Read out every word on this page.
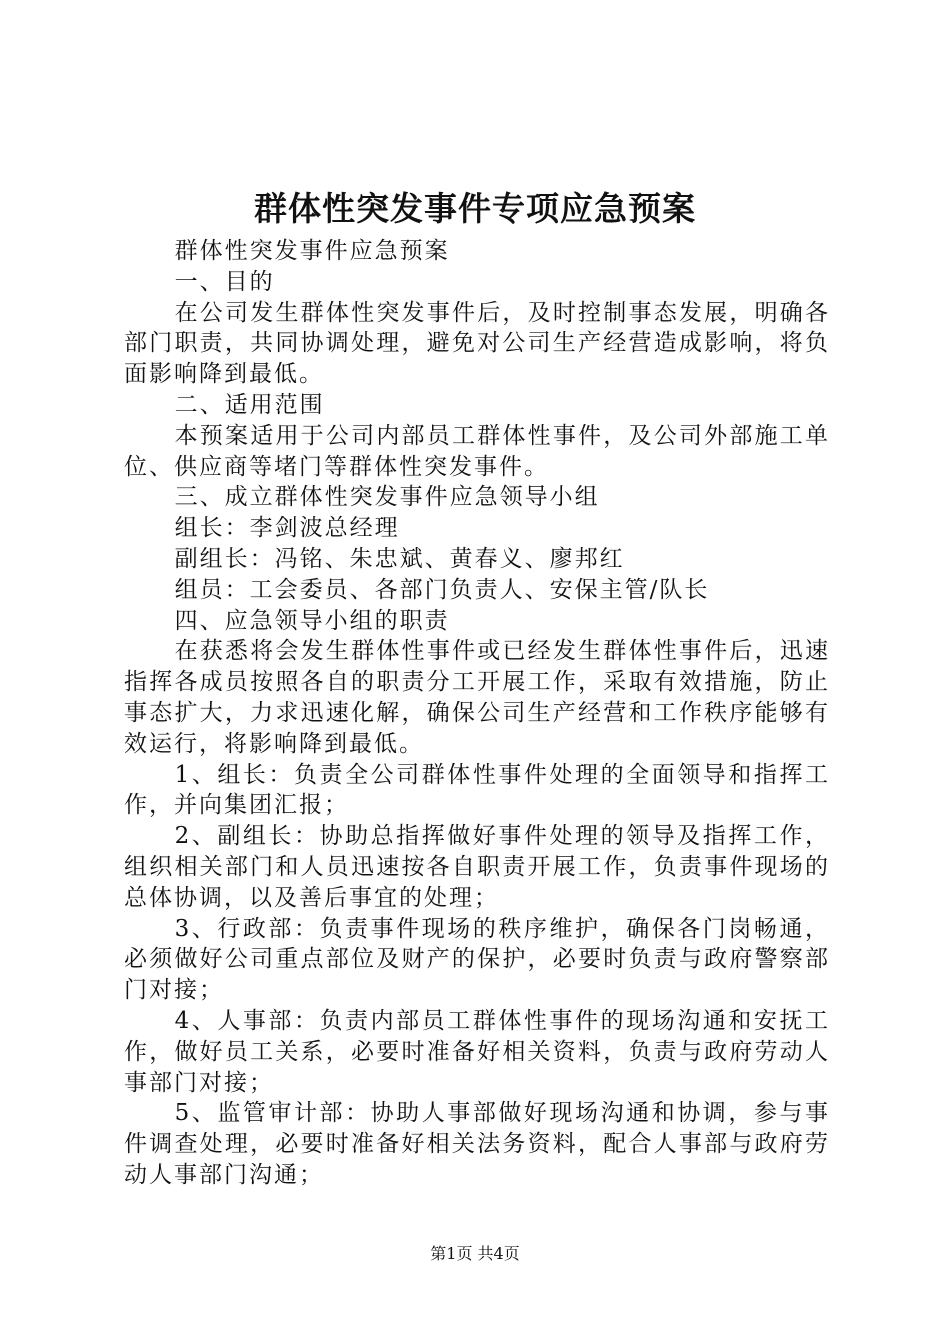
群体性突发事件专项应急预案

群体性突发事件应急预案

一、目的

在公司发生群体性突发事件后，及时控制事态发展，明确各部门职责，共同协调处理，避免对公司生产经营造成影响，将负面影响降到最低。

二、适用范围

本预案适用于公司内部员工群体性事件，及公司外部施工单位、供应商等堵门等群体性突发事件。

三、成立群体性突发事件应急领导小组

组长：李剑波总经理

副组长：冯铭、朱忠斌、黄春义、廖邦红

组员：工会委员、各部门负责人、安保主管/队长

四、应急领导小组的职责

在获悉将会发生群体性事件或已经发生群体性事件后，迅速指挥各成员按照各自的职责分工开展工作，采取有效措施，防止事态扩大，力求迅速化解，确保公司生产经营和工作秩序能够有效运行，将影响降到最低。

1、组长：负责全公司群体性事件处理的全面领导和指挥工作，并向集团汇报；

2、副组长：协助总指挥做好事件处理的领导及指挥工作，组织相关部门和人员迅速按各自职责开展工作，负责事件现场的总体协调，以及善后事宜的处理；

3、行政部：负责事件现场的秩序维护，确保各门岗畅通，必须做好公司重点部位及财产的保护，必要时负责与政府警察部门对接；

4、人事部：负责内部员工群体性事件的现场沟通和安抚工作，做好员工关系，必要时准备好相关资料，负责与政府劳动人事部门对接；

5、监管审计部：协助人事部做好现场沟通和协调，参与事件调查处理，必要时准备好相关法务资料，配合人事部与政府劳动人事部门沟通；

第1页 共4页
